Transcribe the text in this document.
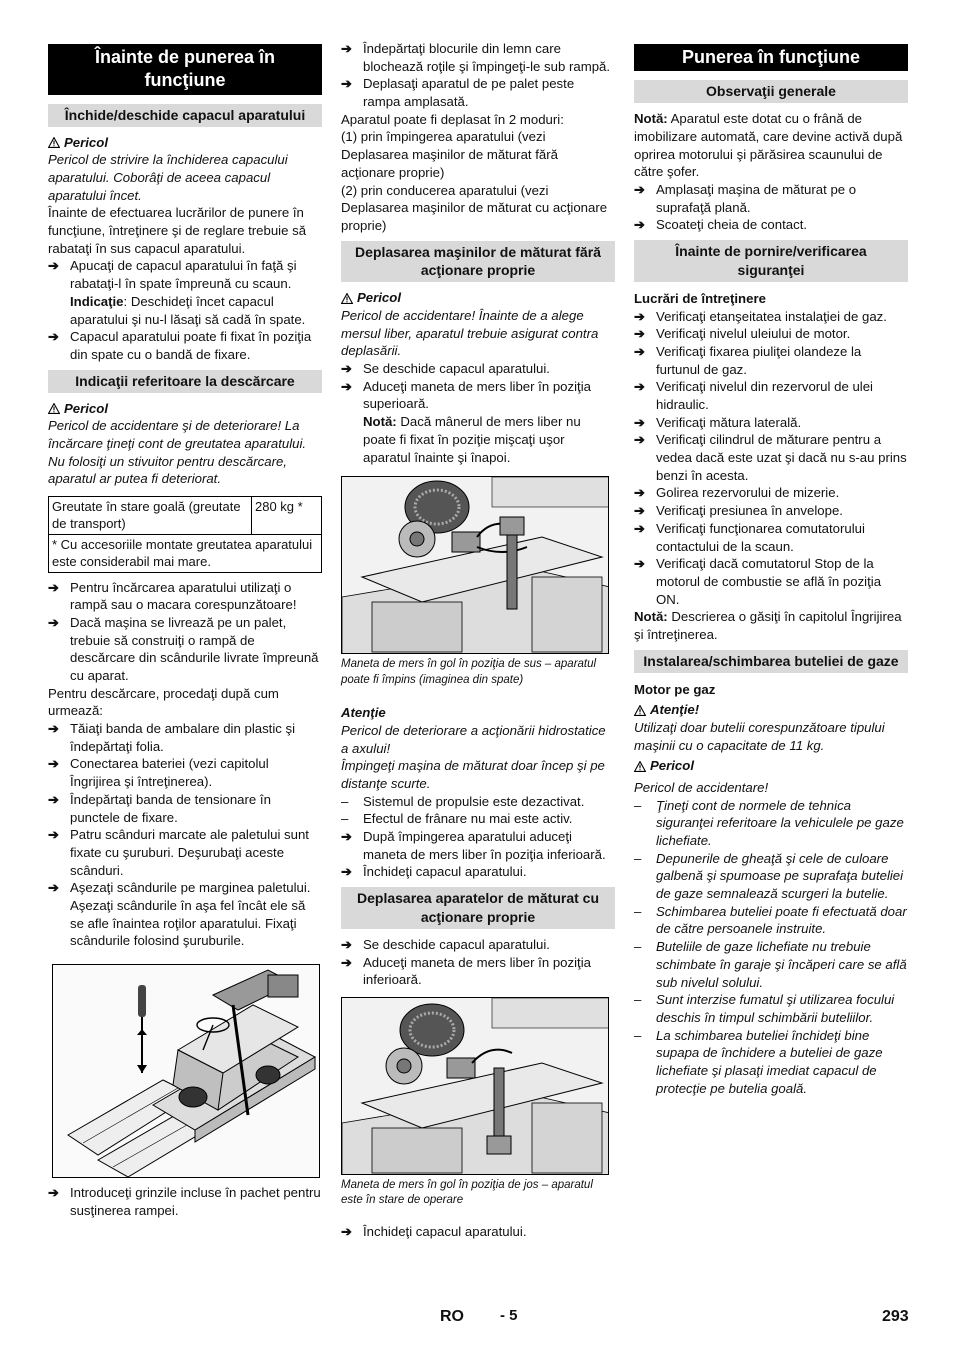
Înainte de punerea în funcţiune
Închide/deschide capacul aparatului
Pericol

Pericol de strivire la închiderea capacului aparatului. Coborâţi de aceea capacul aparatului încet.

Înainte de efectuarea lucrărilor de punere în funcţiune, întreţinere şi de reglare trebuie să rabataţi în sus capacul aparatului.

➔ Apucaţi de capacul aparatului în faţă şi rabataţi-l în spate împreună cu scaun.

Indicaţie: Deschideţi încet capacul aparatului şi nu-l lăsaţi să cadă în spate.

➔ Capacul aparatului poate fi fixat în poziţia din spate cu o bandă de fixare.
Indicaţii referitoare la descărcare
Pericol

Pericol de accidentare şi de deteriorare! La încărcare ţineţi cont de greutatea aparatului.

Nu folosiţi un stivuitor pentru descărcare, aparatul ar putea fi deteriorat.

Greutate în stare goală (greutate de transport)	280 kg *
* Cu accesoriile montate greutatea aparatului este considerabil mai mare.
➔ Pentru încărcarea aparatului utilizaţi o rampă sau o macara corespunzătoare!
➔ Dacă maşina se livrează pe un palet, trebuie să construiţi o rampă de descărcare din scândurile livrate împreună cu aparat.

Pentru descărcare, procedaţi după cum urmează:

➔ Tăiaţi banda de ambalare din plastic şi îndepărtaţi folia.
➔ Conectarea bateriei (vezi capitolul Îngrijirea şi întreţinerea).
➔ Îndepărtaţi banda de tensionare în punctele de fixare.
➔ Patru scânduri marcate ale paletului sunt fixate cu şuruburi. Deşurubaţi aceste scânduri.
➔ Aşezaţi scândurile pe marginea paletului. Aşezaţi scândurile în aşa fel încât ele să se afle înaintea roţilor aparatului. Fixaţi scândurile folosind şuruburile.
➔ Introduceţi grinzile incluse în pachet pentru susţinerea rampei.
➔ Îndepărtaţi blocurile din lemn care blochează roţile şi împingeţi-le sub rampă.
➔ Deplasaţi aparatul de pe palet peste rampa amplasată.

Aparatul poate fi deplasat în 2 moduri:

(1) prin împingerea aparatului (vezi Deplasarea maşinilor de măturat fără acţionare proprie)

(2) prin conducerea aparatului (vezi Deplasarea maşinilor de măturat cu acţionare proprie)

Deplasarea maşinilor de măturat fără acţionare proprie
Pericol

Pericol de accidentare! Înainte de a alege mersul liber, aparatul trebuie asigurat contra deplasării.

➔ Se deschide capacul aparatului.
➔ Aduceţi maneta de mers liber în poziţia superioară.

Notă: Dacă mânerul de mers liber nu poate fi fixat în poziţie mişcaţi uşor aparatul înainte şi înapoi.

Maneta de mers în gol în poziţia de sus – aparatul poate fi împins (imaginea din spate)

Atenţie

Pericol de deteriorare a acţionării hidrostatice a axului!

Împingeţi maşina de măturat doar încep şi pe distanţe scurte.

–	Sistemul de propulsie este dezactivat.
–	Efectul de frânare nu mai este activ.
➔ După împingerea aparatului aduceţi maneta de mers liber în poziţia inferioară.
➔ Închideţi capacul aparatului.
Deplasarea aparatelor de măturat cu acţionare proprie
➔ Se deschide capacul aparatului.
➔ Aduceţi maneta de mers liber în poziţia inferioară.

Maneta de mers în gol în poziţia de jos – aparatul este în stare de operare

➔ Închideţi capacul aparatului.
Punerea în funcţiune
Observaţii generale

Notă: Aparatul este dotat cu o frână de imobilizare automată, care devine activă după oprirea motorului şi părăsirea scaunului de către şofer.

➔ Amplasaţi maşina de măturat pe o suprafaţă plană.
➔ Scoateţi cheia de contact.
Înainte de pornire/verificarea siguranţei

Lucrări de întreţinere

➔ Verificaţi etanşeitatea instalaţiei de gaz.
➔ Verificaţi nivelul uleiului de motor.
➔ Verificaţi fixarea piuliţei olandeze la furtunul de gaz.
➔ Verificaţi nivelul din rezervorul de ulei hidraulic.
➔ Verificaţi mătura laterală.
➔ Verificaţi cilindrul de măturare pentru a vedea dacă este uzat şi dacă nu s-au prins benzi în acesta.
➔ Golirea rezervorului de mizerie.
➔ Verificaţi presiunea în anvelope.
➔ Verificaţi funcţionarea comutatorului contactului de la scaun.
➔ Verificaţi dacă comutatorul Stop de la motorul de combustie se află în poziţia ON.

Notă: Descrierea o găsiţi în capitolul Îngrijirea şi întreţinerea.

Instalarea/schimbarea buteliei de gaze

Motor pe gaz

Atenţie!

Utilizaţi doar butelii corespunzătoare tipului maşinii cu o capacitate de 11 kg.

Pericol

Pericol de accidentare!

–	Ţineţi cont de normele de tehnica siguranţei referitoare la vehiculele pe gaze lichefiate.
–	Depunerile de gheaţă şi cele de culoare galbenă şi spumoase pe suprafaţa buteliei de gaze semnalează scurgeri la butelie.
–	Schimbarea buteliei poate fi efectuată doar de către persoanele instruite.
–	Buteliile de gaze lichefiate nu trebuie schimbate în garaje şi încăperi care se află sub nivelul solului.
–	Sunt interzise fumatul şi utilizarea focului deschis în timpul schimbării buteliilor.
–	La schimbarea buteliei închideţi bine supapa de închidere a buteliei de gaze lichefiate şi plasaţi imediat capacul de protecţie pe butelia goală.
RO - 5	293
